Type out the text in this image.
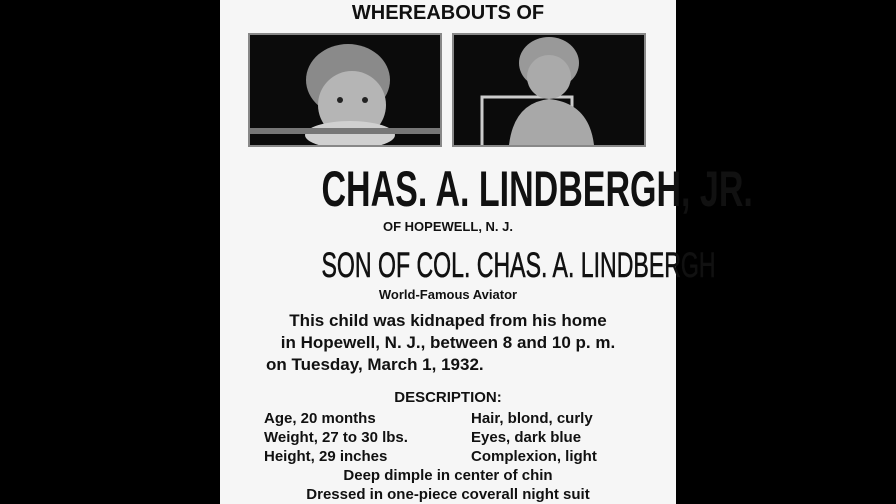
WHEREABOUTS OF
CHAS. A. LINDBERGH, JR.
OF HOPEWELL, N. J.
SON OF COL. CHAS. A. LINDBERGH
World-Famous Aviator
This child was kidnaped from his home
in Hopewell, N. J., between 8 and 10 p. m.
on Tuesday, March 1, 1932.
DESCRIPTION:
Age, 20 months	Hair, blond, curly
Weight, 27 to 30 lbs.	Eyes, dark blue
Height, 29 inches	Complexion, light
Deep dimple in center of chin
Dressed in one-piece coverall night suit
